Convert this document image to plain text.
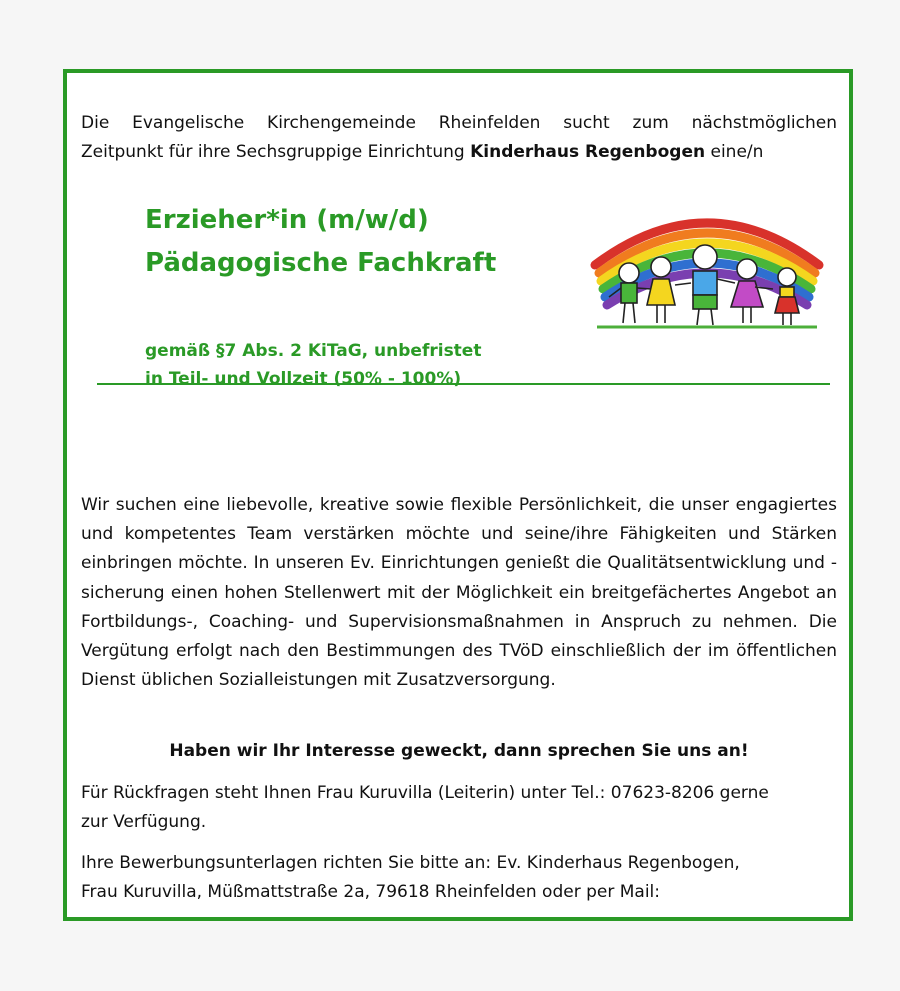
Die Evangelische Kirchengemeinde Rheinfelden sucht zum nächstmöglichen
Zeitpunkt für ihre Sechsgruppige Einrichtung Kinderhaus Regenbogen eine/n
Erzieher*in (m/w/d)
Pädagogische Fachkraft
gemäß §7 Abs. 2 KiTaG, unbefristet
in Teil- und Vollzeit (50% - 100%)
Wir suchen eine liebevolle, kreative sowie flexible Persönlichkeit, die unser engagiertes und kompetentes Team verstärken möchte und seine/ihre Fähigkeiten und Stärken einbringen möchte. In unseren Ev. Einrichtungen genießt die Qualitätsentwicklung und -sicherung einen hohen Stellenwert mit der Möglichkeit ein breitgefächertes Angebot an Fortbildungs-, Coaching- und Supervisionsmaßnahmen in Anspruch zu nehmen. Die Vergütung erfolgt nach den Bestimmungen des TVöD einschließlich der im öffentlichen Dienst üblichen Sozialleistungen mit Zusatzversorgung.
Haben wir Ihr Interesse geweckt, dann sprechen Sie uns an!
Für Rückfragen steht Ihnen Frau Kuruvilla (Leiterin) unter Tel.: 07623-8206 gerne
zur Verfügung.
Ihre Bewerbungsunterlagen richten Sie bitte an: Ev. Kinderhaus Regenbogen,
Frau Kuruvilla, Müßmattstraße 2a, 79618 Rheinfelden oder per Mail:
